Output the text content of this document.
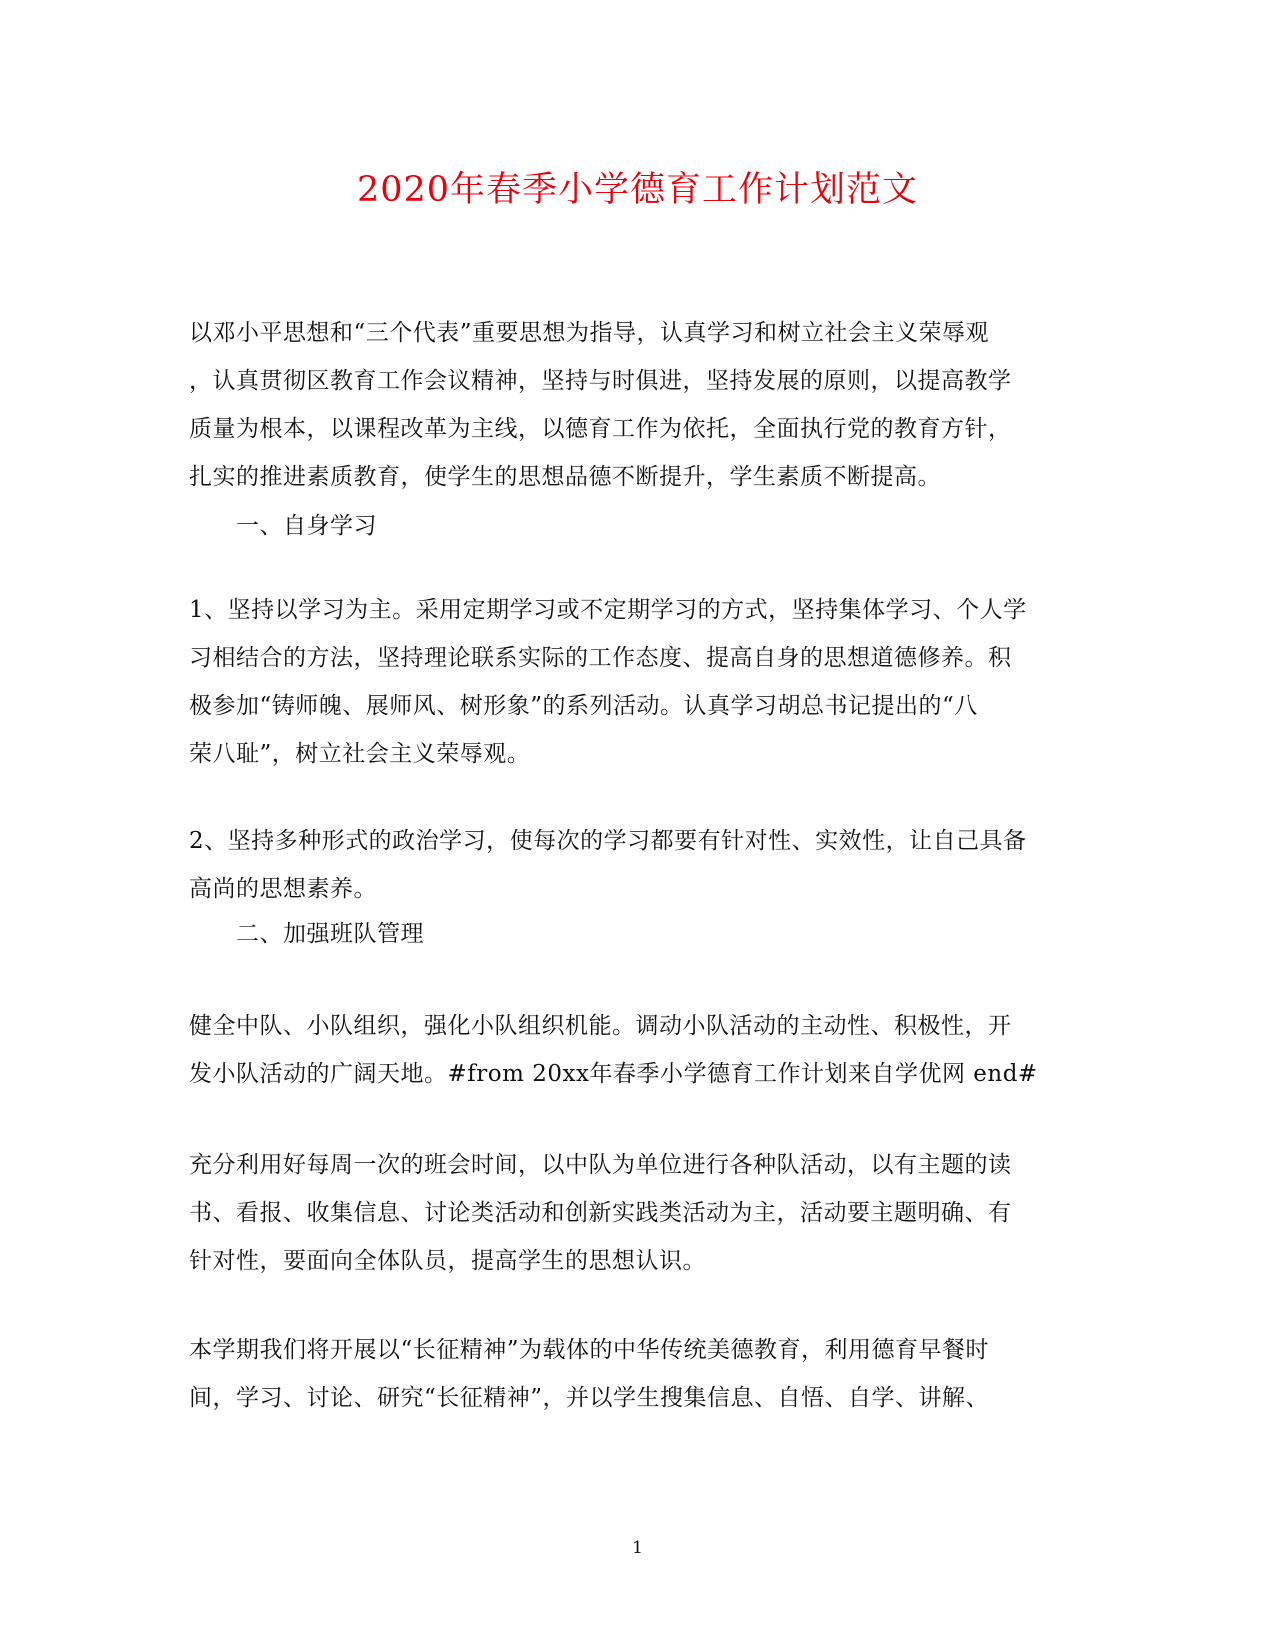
2020年春季小学德育工作计划范文
以邓小平思想和“三个代表”重要思想为指导，认真学习和树立社会主义荣辱观
，认真贯彻区教育工作会议精神，坚持与时俱进，坚持发展的原则，以提高教学
质量为根本，以课程改革为主线，以德育工作为依托，全面执行党的教育方针，
扎实的推进素质教育，使学生的思想品德不断提升，学生素质不断提高。
一、自身学习
1、坚持以学习为主。采用定期学习或不定期学习的方式，坚持集体学习、个人学
习相结合的方法，坚持理论联系实际的工作态度、提高自身的思想道德修养。积
极参加“铸师魄、展师风、树形象”的系列活动。认真学习胡总书记提出的“八
荣八耻”，树立社会主义荣辱观。
2、坚持多种形式的政治学习，使每次的学习都要有针对性、实效性，让自己具备
高尚的思想素养。
二、加强班队管理
健全中队、小队组织，强化小队组织机能。调动小队活动的主动性、积极性，开
发小队活动的广阔天地。#from 20xx年春季小学德育工作计划来自学优网 end#
充分利用好每周一次的班会时间，以中队为单位进行各种队活动，以有主题的读
书、看报、收集信息、讨论类活动和创新实践类活动为主，活动要主题明确、有
针对性，要面向全体队员，提高学生的思想认识。
本学期我们将开展以“长征精神”为载体的中华传统美德教育，利用德育早餐时
间，学习、讨论、研究“长征精神”，并以学生搜集信息、自悟、自学、讲解、
1
